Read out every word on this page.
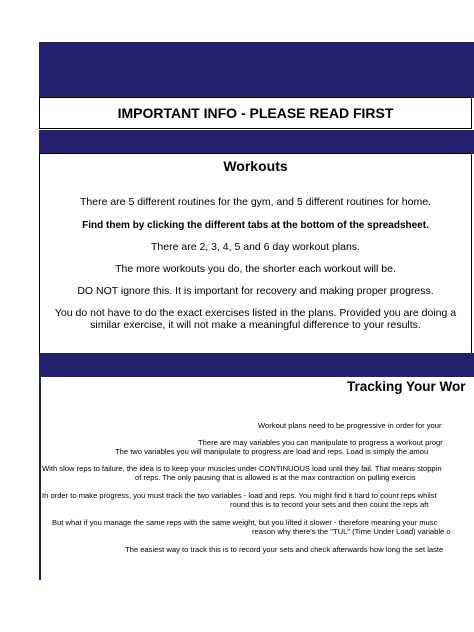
IMPORTANT INFO - PLEASE READ FIRST
Workouts

There are 5 different routines for the gym, and 5 different routines for home.

Find them by clicking the different tabs at the bottom of the spreadsheet.

There are 2, 3, 4, 5 and 6 day workout plans.

The more workouts you do, the shorter each workout will be.

DO NOT ignore this. It is important for recovery and making proper progress.

You do not have to do the exact exercises listed in the plans. Provided you are doing a

similar exercise, it will not make a meaningful difference to your results.

Tracking Your Wor
Workout plans need to be progressive in order for your
There are may variables you can manipulate to progress a workout progr
The two variables you will manipulate to progress are load and reps. Load is simply the amou
With slow reps to failure, the idea is to keep your muscles under CONTINUOUS load until they fail. That means stoppin
of reps. The only pausing that is allowed is at the max contraction on pulling exercis
In order to make progress, you must track the two variables - load and reps. You might find it hard to count reps whilst
round this is to record your sets and then count the reps aft
But what if you manage the same reps with the same weight, but you lifted it slower - therefore meaning your musc
reason why there's the "TUL" (Time Under Load) variable o
The easiest way to track this is to record your sets and check afterwards how long the set laste
